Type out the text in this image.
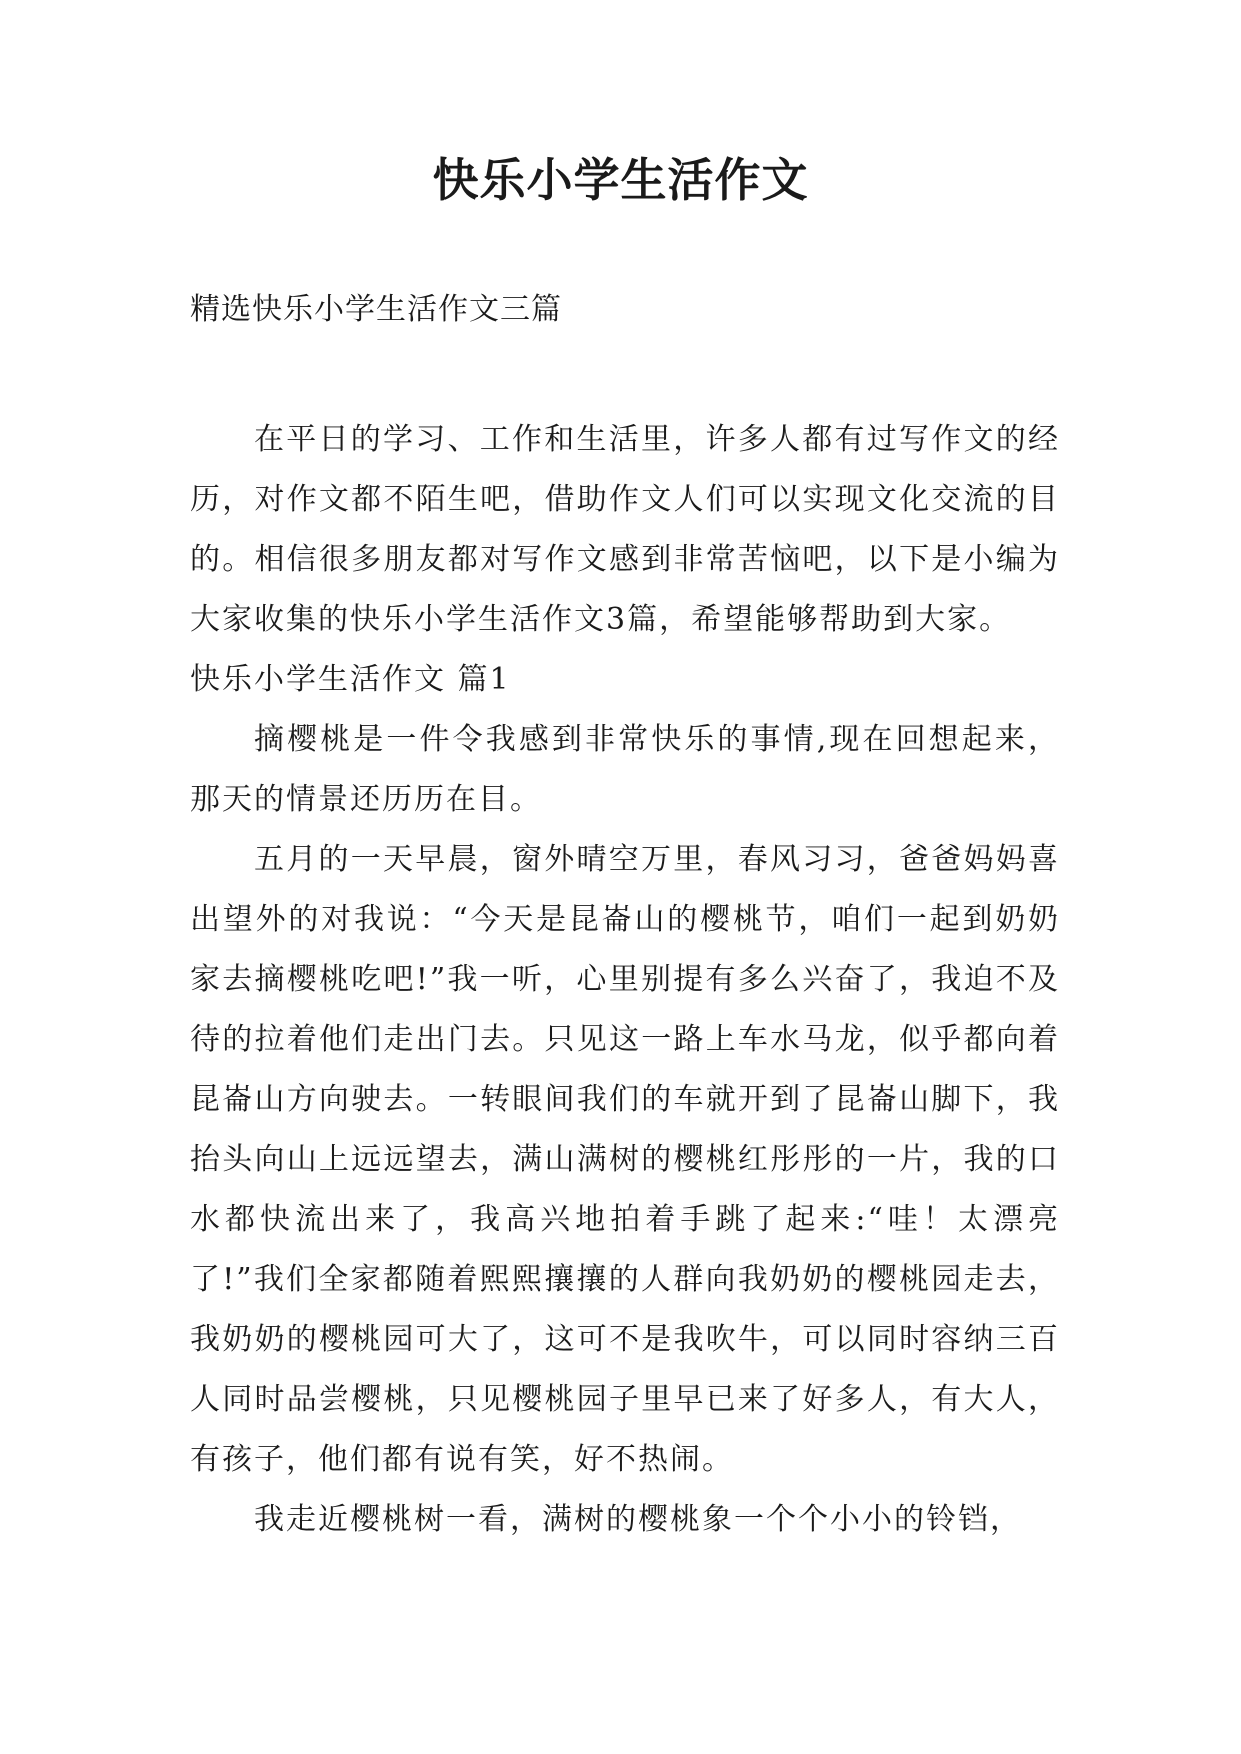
快乐小学生活作文

精选快乐小学生活作文三篇

在平日的学习、工作和生活里，许多人都有过写作文的经历，对作文都不陌生吧，借助作文人们可以实现文化交流的目的。相信很多朋友都对写作文感到非常苦恼吧，以下是小编为大家收集的快乐小学生活作文3篇，希望能够帮助到大家。

快乐小学生活作文 篇1

摘樱桃是一件令我感到非常快乐的事情,现在回想起来，那天的情景还历历在目。

五月的一天早晨，窗外晴空万里，春风习习，爸爸妈妈喜出望外的对我说：“今天是昆崙山的樱桃节，咱们一起到奶奶家去摘樱桃吃吧!”我一听，心里别提有多么兴奋了，我迫不及待的拉着他们走出门去。只见这一路上车水马龙，似乎都向着昆崙山方向驶去。一转眼间我们的车就开到了昆崙山脚下，我抬头向山上远远望去，满山满树的樱桃红彤彤的一片，我的口水都快流出来了，我高兴地拍着手跳了起来:“哇！太漂亮了!”我们全家都随着熙熙攘攘的人群向我奶奶的樱桃园走去，我奶奶的樱桃园可大了，这可不是我吹牛，可以同时容纳三百人同时品尝樱桃，只见樱桃园子里早已来了好多人，有大人，有孩子，他们都有说有笑，好不热闹。

我走近樱桃树一看，满树的樱桃象一个个小小的铃铛，
